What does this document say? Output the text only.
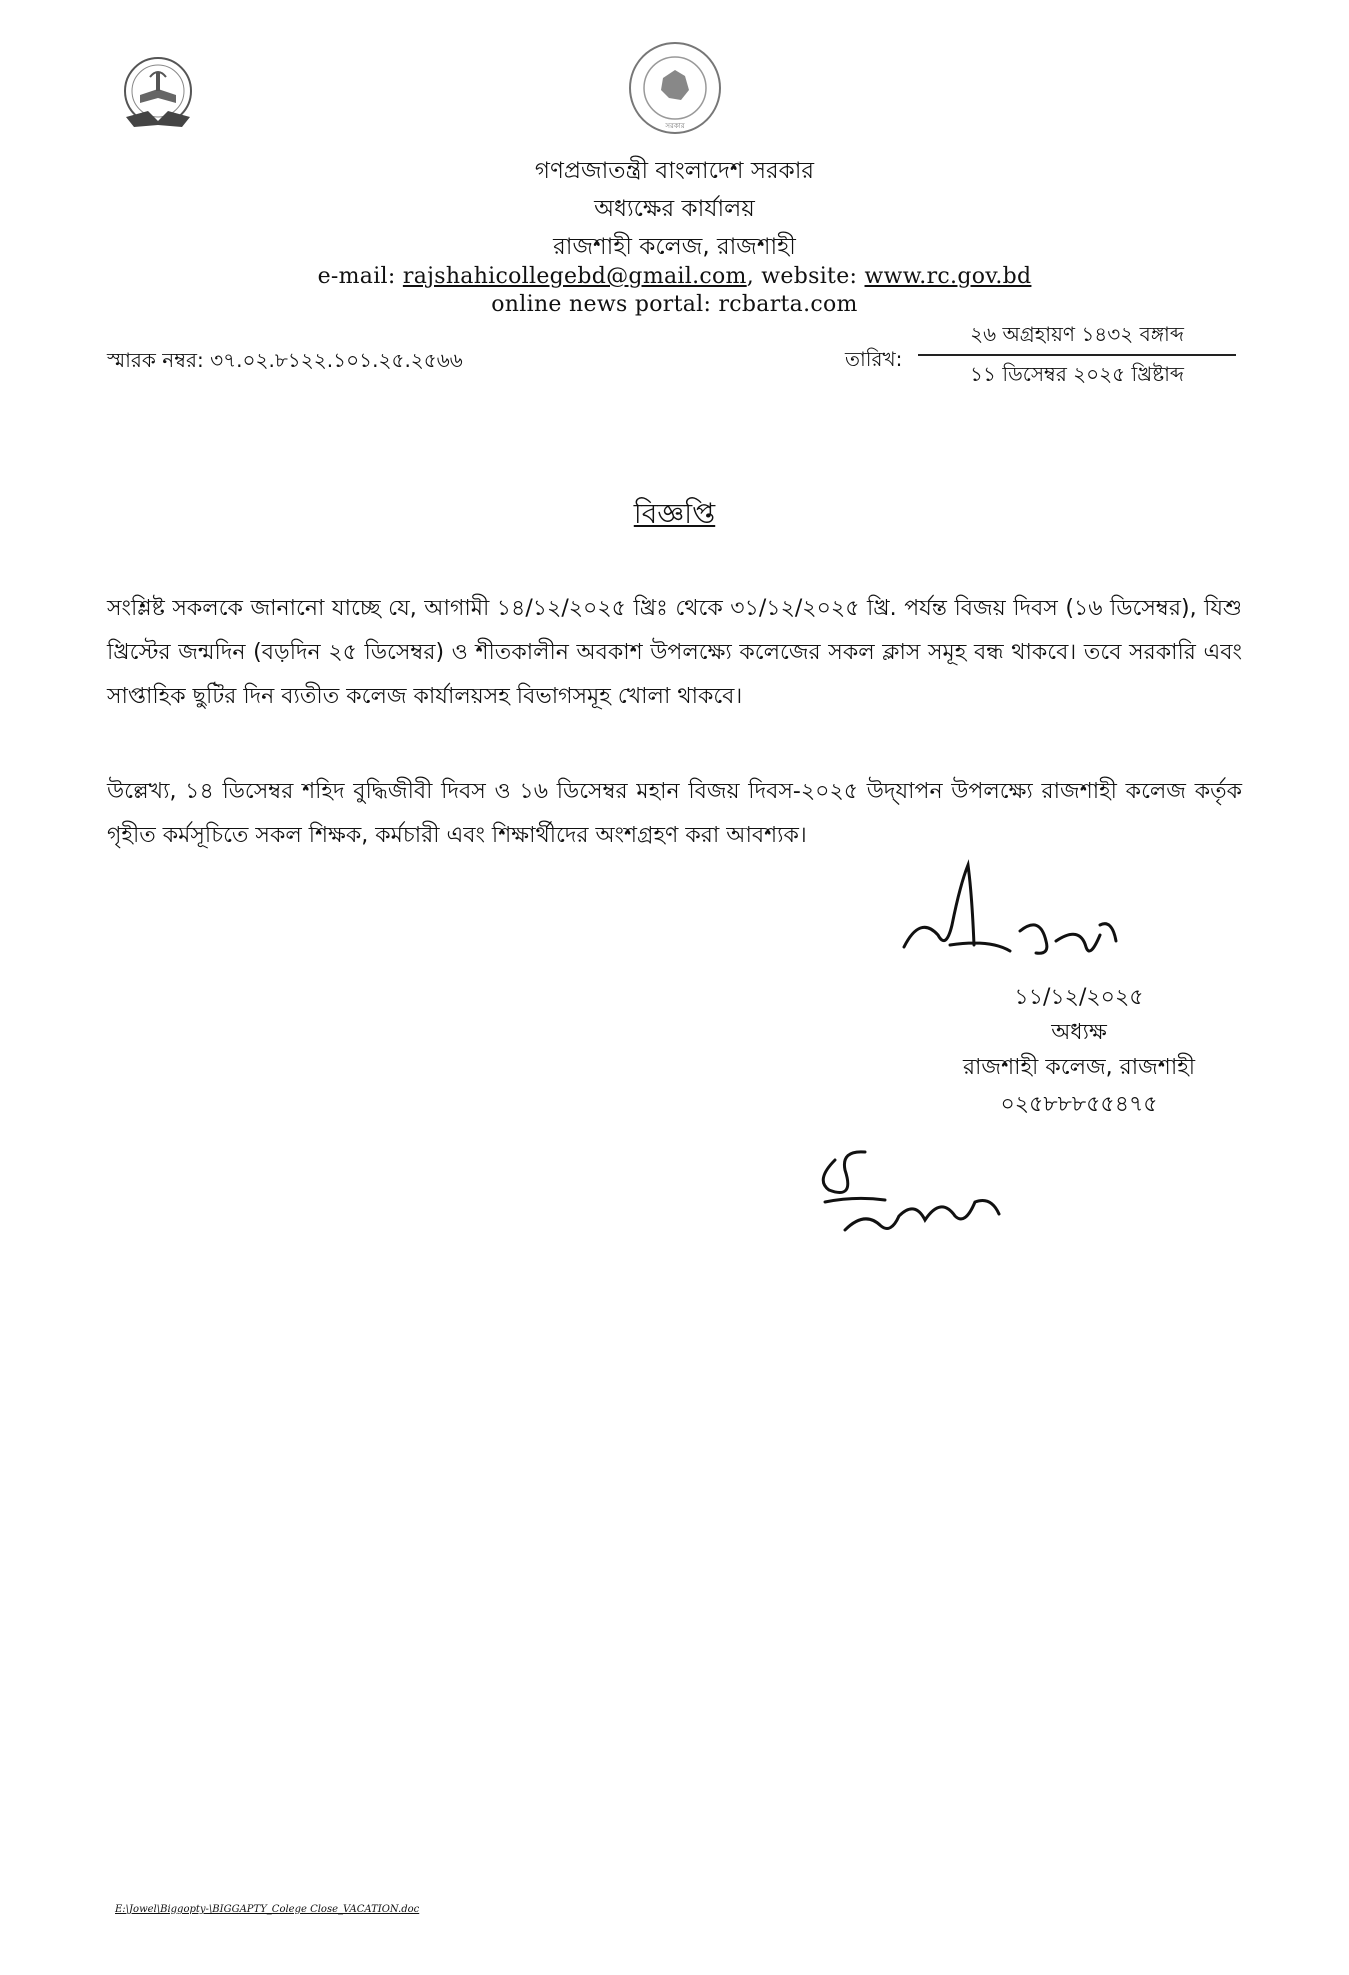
সরকার
গণপ্রজাতন্ত্রী বাংলাদেশ সরকার
অধ্যক্ষের কার্যালয়
রাজশাহী কলেজ, রাজশাহী
e-mail: rajshahicollegebd@gmail.com, website: www.rc.gov.bd
online news portal: rcbarta.com
স্মারক নম্বর: ৩৭.০২.৮১২২.১০১.২৫.২৫৬৬	তারিখ:
২৬ অগ্রহায়ণ ১৪৩২ বঙ্গাব্দ
১১ ডিসেম্বর ২০২৫ খ্রিষ্টাব্দ
বিজ্ঞপ্তি
সংশ্লিষ্ট সকলকে জানানো যাচ্ছে যে, আগামী ১৪/১২/২০২৫ খ্রিঃ থেকে ৩১/১২/২০২৫ খ্রি. পর্যন্ত বিজয় দিবস (১৬ ডিসেম্বর), যিশু খ্রিস্টের জন্মদিন (বড়দিন ২৫ ডিসেম্বর) ও শীতকালীন অবকাশ উপলক্ষ্যে কলেজের সকল ক্লাস সমূহ বন্ধ থাকবে। তবে সরকারি এবং সাপ্তাহিক ছুটির দিন ব্যতীত কলেজ কার্যালয়সহ বিভাগসমূহ খোলা থাকবে।
উল্লেখ্য, ১৪ ডিসেম্বর শহিদ বুদ্ধিজীবী দিবস ও ১৬ ডিসেম্বর মহান বিজয় দিবস-২০২৫ উদ্‌যাপন উপলক্ষ্যে রাজশাহী কলেজ কর্তৃক গৃহীত কর্মসূচিতে সকল শিক্ষক, কর্মচারী এবং শিক্ষার্থীদের অংশগ্রহণ করা আবশ্যক।
১১/১২/২০২৫
অধ্যক্ষ
রাজশাহী কলেজ, রাজশাহী
০২৫৮৮৮৫৫৪৭৫
E:\Jowel\Biggopty-\BIGGAPTY_Colege Close_VACATION.doc
